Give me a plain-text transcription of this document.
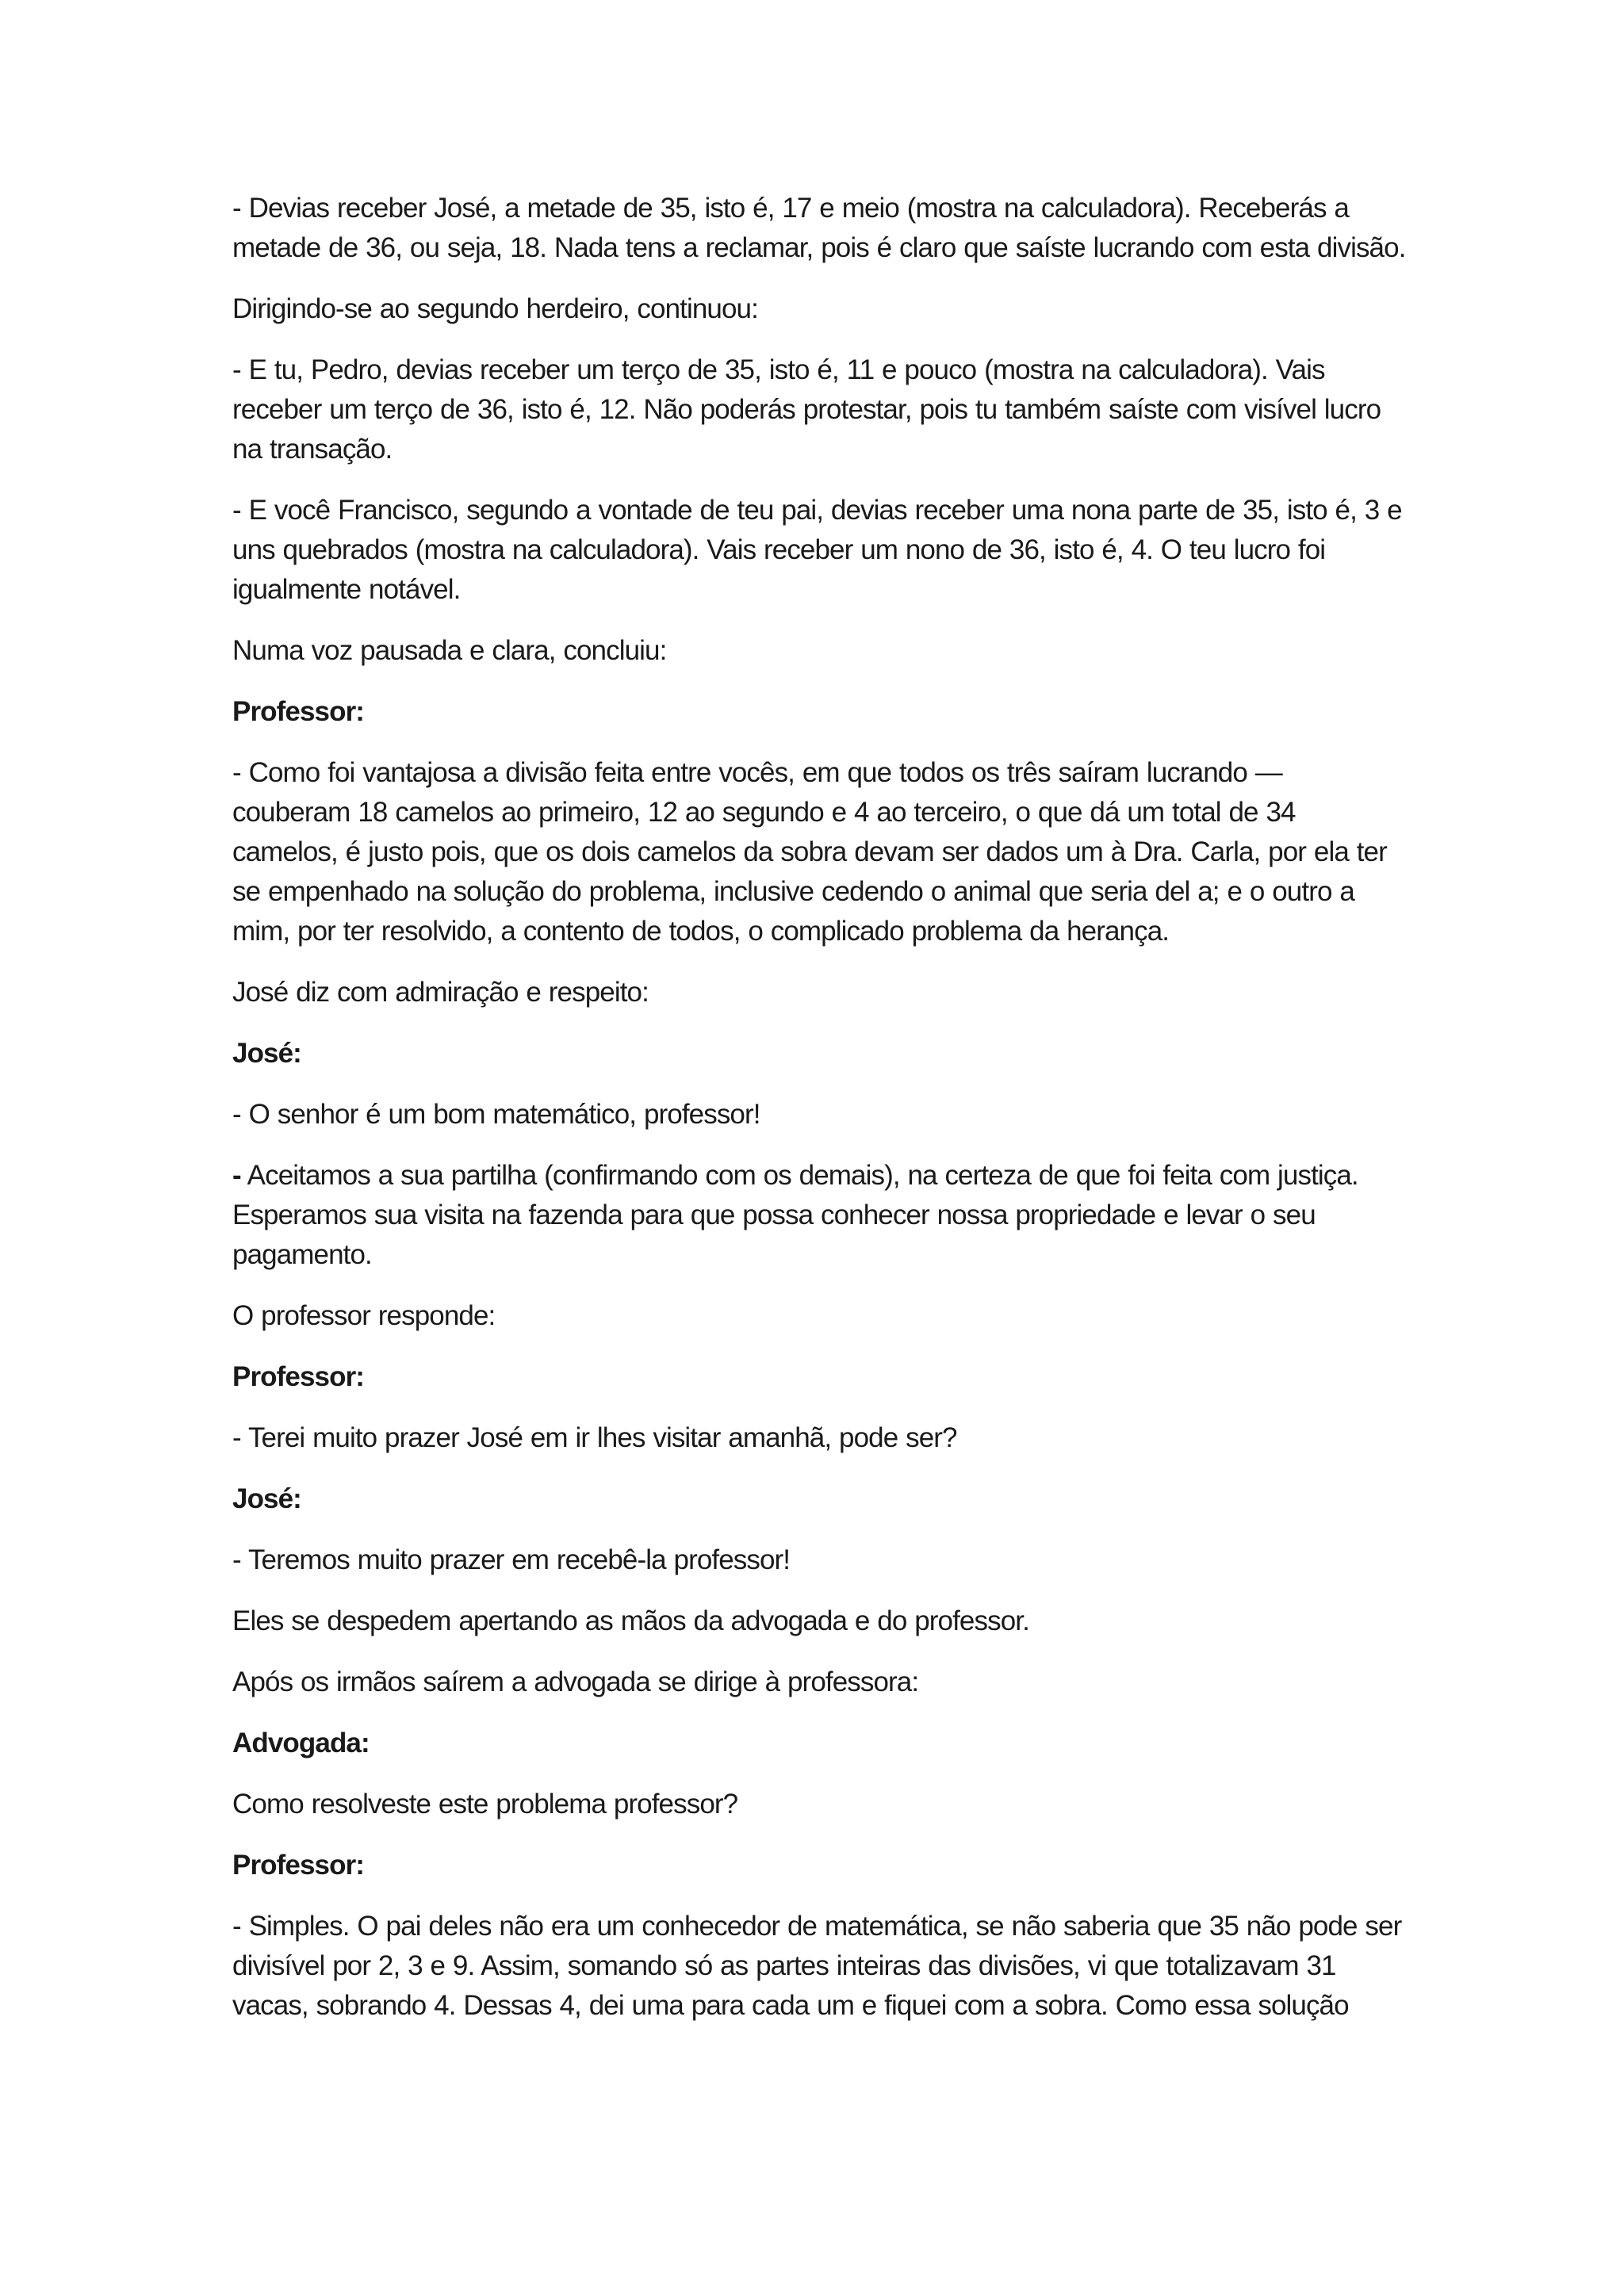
- Devias receber José, a metade de 35, isto é, 17 e meio (mostra na calculadora). Receberás a metade de 36, ou seja, 18. Nada tens a reclamar, pois é claro que saíste lucrando com esta divisão.

Dirigindo-se ao segundo herdeiro, continuou:

- E tu, Pedro, devias receber um terço de 35, isto é, 11 e pouco (mostra na calculadora). Vais receber um terço de 36, isto é, 12. Não poderás protestar, pois tu também saíste com visível lucro na transação.

- E você Francisco, segundo a vontade de teu pai, devias receber uma nona parte de 35, isto é, 3 e uns quebrados (mostra na calculadora). Vais receber um nono de 36, isto é, 4. O teu lucro foi igualmente notável.

Numa voz pausada e clara, concluiu:

Professor:

- Como foi vantajosa a divisão feita entre vocês, em que todos os três saíram lucrando — couberam 18 camelos ao primeiro, 12 ao segundo e 4 ao terceiro, o que dá um total de 34 camelos, é justo pois, que os dois camelos da sobra devam ser dados um à Dra. Carla, por ela ter se empenhado na solução do problema, inclusive cedendo o animal que seria del a; e o outro a mim, por ter resolvido, a contento de todos, o complicado problema da herança.

José diz com admiração e respeito:

José:

- O senhor é um bom matemático, professor!

- Aceitamos a sua partilha (confirmando com os demais), na certeza de que foi feita com justiça. Esperamos sua visita na fazenda para que possa conhecer nossa propriedade e levar o seu pagamento.

O professor responde:

Professor:

- Terei muito prazer José em ir lhes visitar amanhã, pode ser?

José:

- Teremos muito prazer em recebê-la professor!

Eles se despedem apertando as mãos da advogada e do professor.

Após os irmãos saírem a advogada se dirige à professora:

Advogada:

Como resolveste este problema professor?

Professor:

- Simples. O pai deles não era um conhecedor de matemática, se não saberia que 35 não pode ser divisível por 2, 3 e 9. Assim, somando só as partes inteiras das divisões, vi que totalizavam 31 vacas, sobrando 4. Dessas 4, dei uma para cada um e fiquei com a sobra. Como essa solução
